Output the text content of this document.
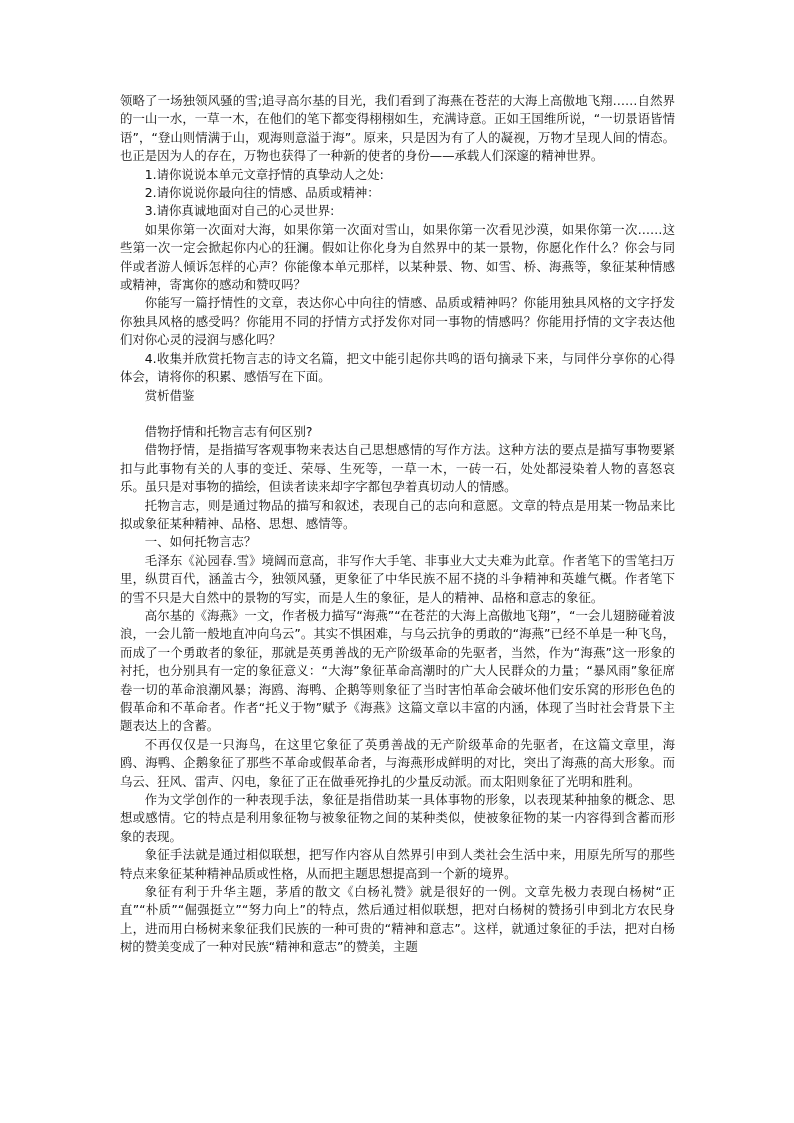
领略了一场独领风骚的雪;追寻高尔基的目光，我们看到了海燕在苍茫的大海上高傲地飞翔……自然界的一山一水，一草一木，在他们的笔下都变得栩栩如生，充满诗意。正如王国维所说，“一切景语皆情语”，“登山则情满于山，观海则意溢于海”。原来，只是因为有了人的凝视，万物才呈现人间的情态。也正是因为人的存在，万物也获得了一种新的使者的身份——承载人们深邃的精神世界。

1.请你说说本单元文章抒情的真挚动人之处:

2.请你说说你最向往的情感、品质或精神：

3.请你真诚地面对自己的心灵世界:

如果你第一次面对大海，如果你第一次面对雪山，如果你第一次看见沙漠，如果你第一次……这些第一次一定会掀起你内心的狂澜。假如让你化身为自然界中的某一景物，你愿化作什么？你会与同伴或者游人倾诉怎样的心声？你能像本单元那样，以某种景、物、如雪、桥、海燕等，象征某种情感或精神，寄寓你的感动和赞叹吗？

你能写一篇抒情性的文章，表达你心中向往的情感、品质或精神吗？你能用独具风格的文字抒发你独具风格的感受吗？你能用不同的抒情方式抒发你对同一事物的情感吗？你能用抒情的文字表达他们对你心灵的浸润与感化吗？

4.收集并欣赏托物言志的诗文名篇，把文中能引起你共鸣的语句摘录下来，与同伴分享你的心得体会，请将你的积累、感悟写在下面。

赏析借鉴

借物抒情和托物言志有何区别?

借物抒情，是指描写客观事物来表达自己思想感情的写作方法。这种方法的要点是描写事物要紧扣与此事物有关的人事的变迁、荣辱、生死等，一草一木，一砖一石，处处都浸染着人物的喜怒哀乐。虽只是对事物的描绘，但读者读来却字字都包孕着真切动人的情感。

托物言志，则是通过物品的描写和叙述，表现自己的志向和意愿。文章的特点是用某一物品来比拟或象征某种精神、品格、思想、感情等。

一、如何托物言志？

毛泽东《沁园春.雪》境阔而意高，非写作大手笔、非事业大丈夫难为此章。作者笔下的雪笔扫万里，纵贯百代，涵盖古今，独领风骚，更象征了中华民族不屈不挠的斗争精神和英雄气概。作者笔下的雪不只是大自然中的景物的写实，而是人生的象征，是人的精神、品格和意志的象征。

高尔基的《海燕》一文，作者极力描写“海燕”“在苍茫的大海上高傲地飞翔”，“一会儿翅膀碰着波浪，一会儿箭一般地直冲向乌云”。其实不惧困难，与乌云抗争的勇敢的“海燕”已经不单是一种飞鸟，而成了一个勇敢者的象征，那就是英勇善战的无产阶级革命的先驱者，当然，作为“海燕”这一形象的衬托，也分别具有一定的象征意义：“大海”象征革命高潮时的广大人民群众的力量；“暴风雨”象征席卷一切的革命浪潮风暴；海鸥、海鸭、企鹅等则象征了当时害怕革命会破坏他们安乐窝的形形色色的假革命和不革命者。作者“托义于物”赋予《海燕》这篇文章以丰富的内涵，体现了当时社会背景下主题表达上的含蓄。

不再仅仅是一只海鸟，在这里它象征了英勇善战的无产阶级革命的先驱者，在这篇文章里，海鸥、海鸭、企鹅象征了那些不革命或假革命者，与海燕形成鲜明的对比，突出了海燕的高大形象。而乌云、狂风、雷声、闪电，象征了正在做垂死挣扎的少量反动派。而太阳则象征了光明和胜利。

作为文学创作的一种表现手法，象征是指借助某一具体事物的形象，以表现某种抽象的概念、思想或感情。它的特点是利用象征物与被象征物之间的某种类似，使被象征物的某一内容得到含蓄而形象的表现。

象征手法就是通过相似联想，把写作内容从自然界引申到人类社会生活中来，用原先所写的那些特点来象征某种精神品质或性格，从而把主题思想提高到一个新的境界。

象征有利于升华主题，茅盾的散文《白杨礼赞》就是很好的一例。文章先极力表现白杨树“正直”“朴质”“倔强挺立”“努力向上”的特点，然后通过相似联想，把对白杨树的赞扬引申到北方农民身上，进而用白杨树来象征我们民族的一种可贵的“精神和意志”。这样，就通过象征的手法，把对白杨树的赞美变成了一种对民族“精神和意志”的赞美，主题
